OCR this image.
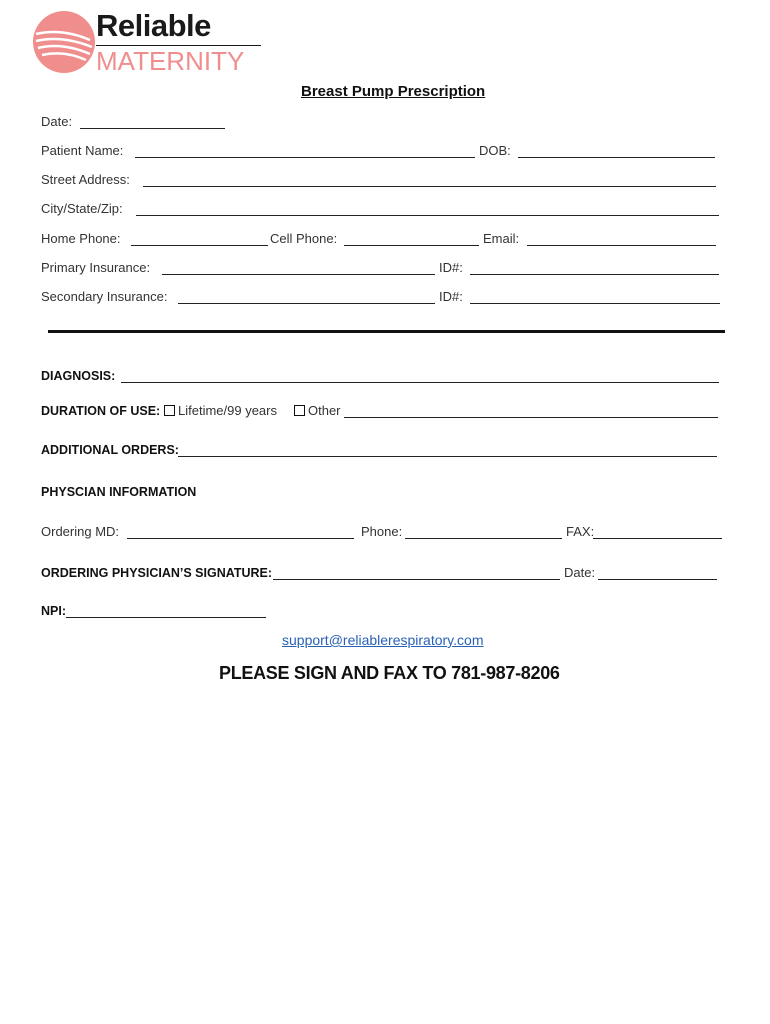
Reliable
MATERNITY
Breast Pump Prescription
Date:
Patient Name:	DOB:
Street Address:
City/State/Zip:
Home Phone:	Cell Phone:	Email:
Primary Insurance:	ID#:
Secondary Insurance:	ID#:
DIAGNOSIS:
DURATION OF USE:	Lifetime/99 years	Other
ADDITIONAL ORDERS:
PHYSCIAN INFORMATION
Ordering MD:	Phone:	FAX:
ORDERING PHYSICIAN’S SIGNATURE:	Date:
NPI:
support@reliablerespiratory.com
PLEASE SIGN AND FAX TO 781-987-8206
